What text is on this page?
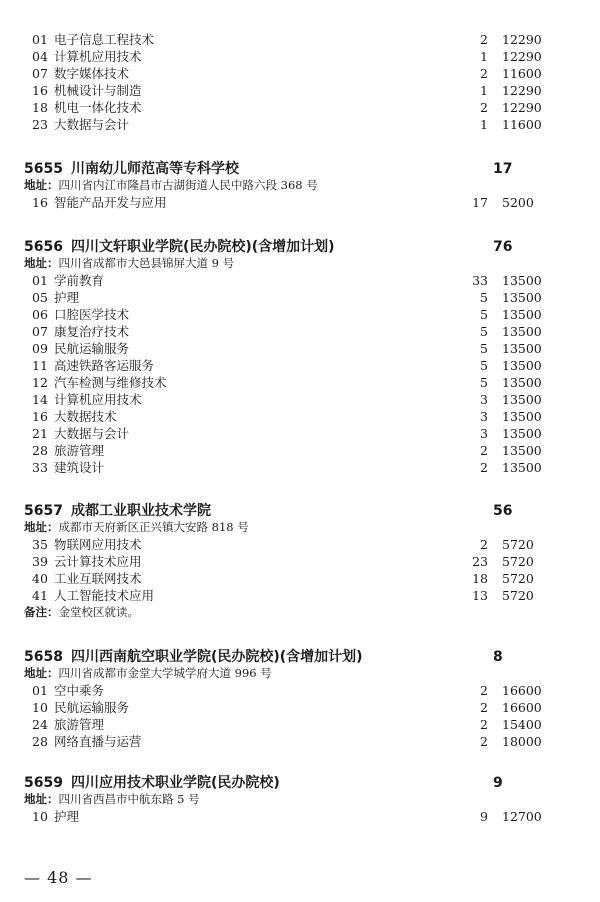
01 电子信息工程技术	2 12290
04 计算机应用技术	1 12290
07 数字媒体技术	2 11600
16 机械设计与制造	1 12290
18 机电一体化技术	2 12290
23 大数据与会计	1 11600
5655 川南幼儿师范高等专科学校	17
地址：四川省内江市隆昌市古湖街道人民中路六段 368 号
16 智能产品开发与应用	17 5200
5656 四川文轩职业学院(民办院校)(含增加计划)	76
地址：四川省成都市大邑县锦屏大道 9 号
01 学前教育	33 13500
05 护理	5 13500
06 口腔医学技术	5 13500
07 康复治疗技术	5 13500
09 民航运输服务	5 13500
11 高速铁路客运服务	5 13500
12 汽车检测与维修技术	5 13500
14 计算机应用技术	3 13500
16 大数据技术	3 13500
21 大数据与会计	3 13500
28 旅游管理	2 13500
33 建筑设计	2 13500
5657 成都工业职业技术学院	56
地址：成都市天府新区正兴镇大安路 818 号
35 物联网应用技术	2 5720
39 云计算技术应用	23 5720
40 工业互联网技术	18 5720
41 人工智能技术应用	13 5720
备注：金堂校区就读。
5658 四川西南航空职业学院(民办院校)(含增加计划)	8
地址：四川省成都市金堂大学城学府大道 996 号
01 空中乘务	2 16600
10 民航运输服务	2 16600
24 旅游管理	2 15400
28 网络直播与运营	2 18000
5659 四川应用技术职业学院(民办院校)	9
地址：四川省西昌市中航东路 5 号
10 护理	9 12700
— 48 —
